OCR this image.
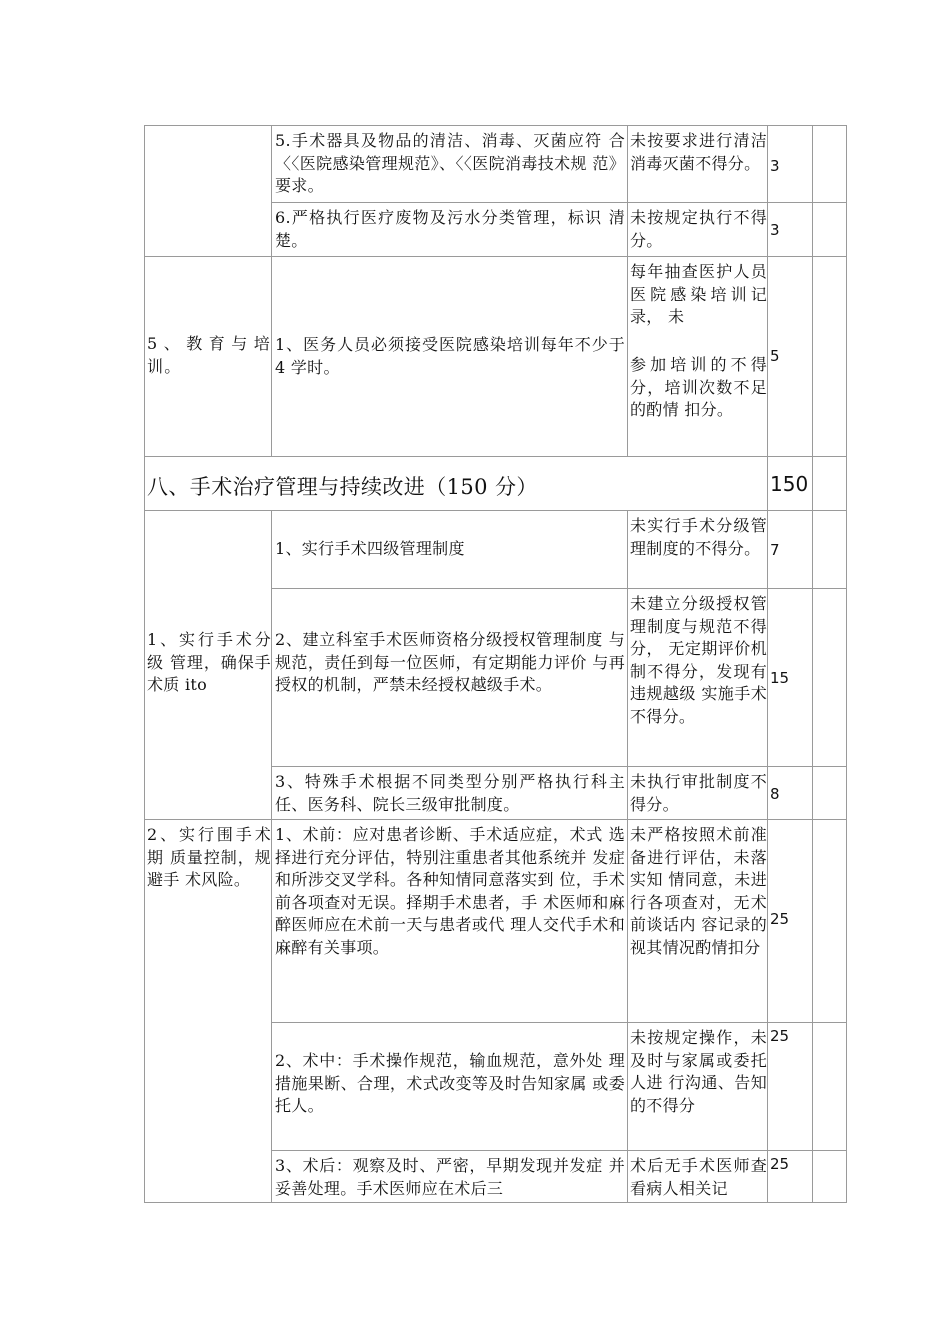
5.手术器具及物品的清洁、消毒、灭菌应符 合〈〈医院感染管理规范》、〈〈医院消毒技术规 范》要求。
未按要求进行清洁消毒灭菌不得分。 3
6.严格执行医疗废物及污水分类管理，标识 清楚。
未按规定执行不得分。
3
5、教育与培训。
1、医务人员必须接受医院感染培训每年不少于 4 学时。
每年抽查医护人员医院感染培训记录， 未
参加培训的不得分，培训次数不足的酌情 扣分。
5
八、手术治疗管理与持续改进（150 分）	150
1、实行手术分级 管理，确保手术质 ito
1、实行手术四级管理制度
未实行手术分级管理制度的不得分。 7
2、建立科室手术医师资格分级授权管理制度 与规范，责任到每一位医师，有定期能力评价 与再授权的机制，严禁未经授权越级手术。
未建立分级授权管理制度与规范不得分， 无定期评价机制不得分，发现有违规越级 实施手术不得分。
15
3、特殊手术根据不同类型分别严格执行科主 任、医务科、院长三级审批制度。
未执行审批制度不得分。
8
2、实行围手术期 质量控制，规避手 术风险。
1、术前：应对患者诊断、手术适应症，术式 选择进行充分评估，特别注重患者其他系统并 发症和所涉交叉学科。各种知情同意落实到 位，手术前各项查对无误。择期手术患者，手 术医师和麻醉医师应在术前一天与患者或代 理人交代手术和麻醉有关事项。
未严格按照术前准备进行评估，未落实知 情同意，未进行各项查对，无术前谈话内 容记录的视其情况酌情扣分
25
2、术中：手术操作规范，输血规范，意外处 理措施果断、合理，术式改变等及时告知家属 或委托人。
未按规定操作，未及时与家属或委托人进 行沟通、告知的不得分
25
3、术后：观察及时、严密，早期发现并发症 并妥善处理。手术医师应在术后三
术后无手术医师查看病人相关记
25
